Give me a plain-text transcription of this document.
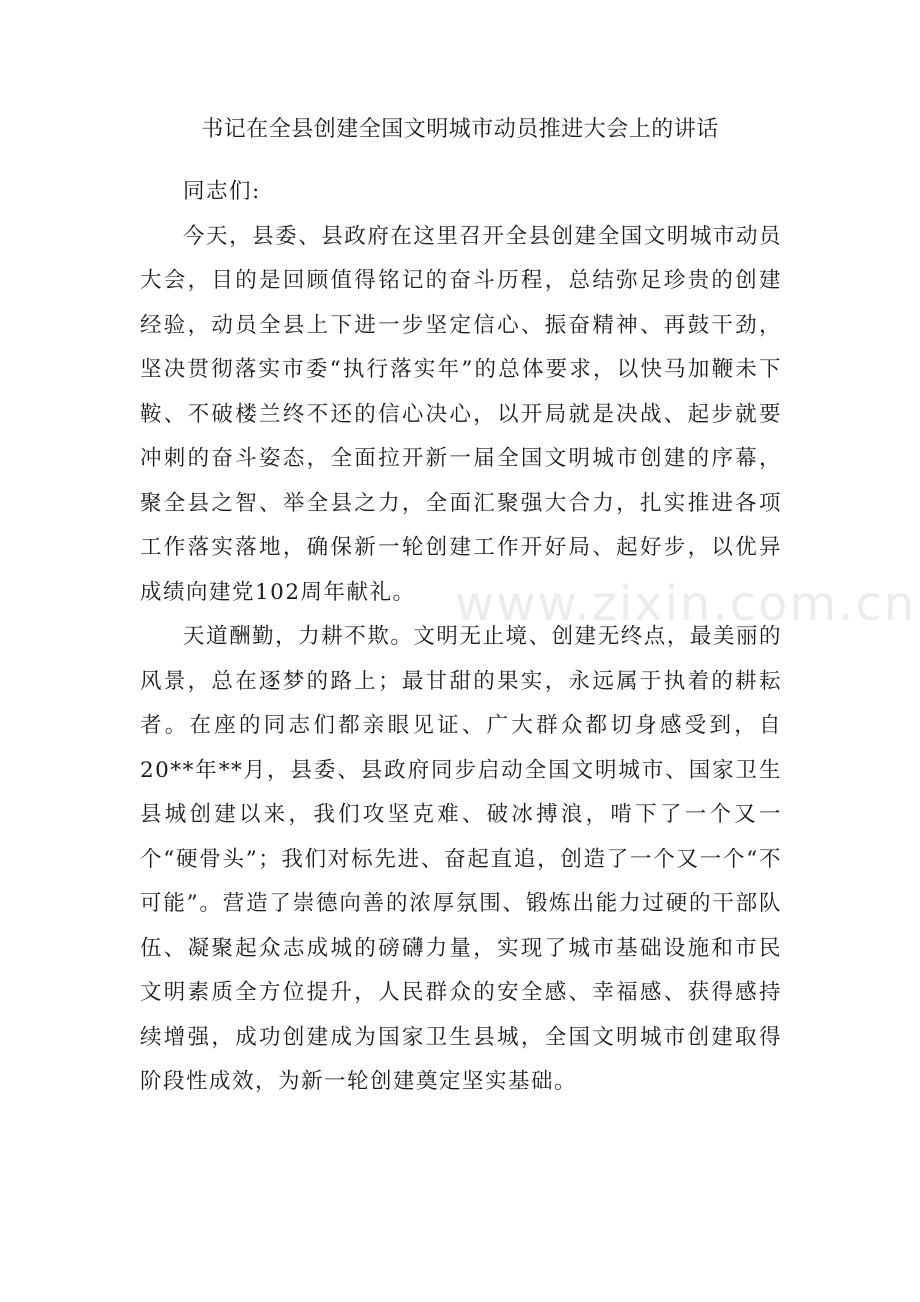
书记在全县创建全国文明城市动员推进大会上的讲话

同志们:

今天，县委、县政府在这里召开全县创建全国文明城市动员大会，目的是回顾值得铭记的奋斗历程，总结弥足珍贵的创建经验，动员全县上下进一步坚定信心、振奋精神、再鼓干劲，坚决贯彻落实市委“执行落实年”的总体要求，以快马加鞭未下鞍、不破楼兰终不还的信心决心，以开局就是决战、起步就要冲刺的奋斗姿态，全面拉开新一届全国文明城市创建的序幕，聚全县之智、举全县之力，全面汇聚强大合力，扎实推进各项工作落实落地，确保新一轮创建工作开好局、起好步，以优异成绩向建党102周年献礼。

天道酬勤，力耕不欺。文明无止境、创建无终点，最美丽的风景，总在逐梦的路上；最甘甜的果实，永远属于执着的耕耘者。在座的同志们都亲眼见证、广大群众都切身感受到，自20**年**月，县委、县政府同步启动全国文明城市、国家卫生县城创建以来，我们攻坚克难、破冰搏浪，啃下了一个又一个“硬骨头”；我们对标先进、奋起直追，创造了一个又一个“不可能”。营造了崇德向善的浓厚氛围、锻炼出能力过硬的干部队伍、凝聚起众志成城的磅礴力量，实现了城市基础设施和市民文明素质全方位提升，人民群众的安全感、幸福感、获得感持续增强，成功创建成为国家卫生县城，全国文明城市创建取得阶段性成效，为新一轮创建奠定坚实基础。

www.zixin.com.cn
